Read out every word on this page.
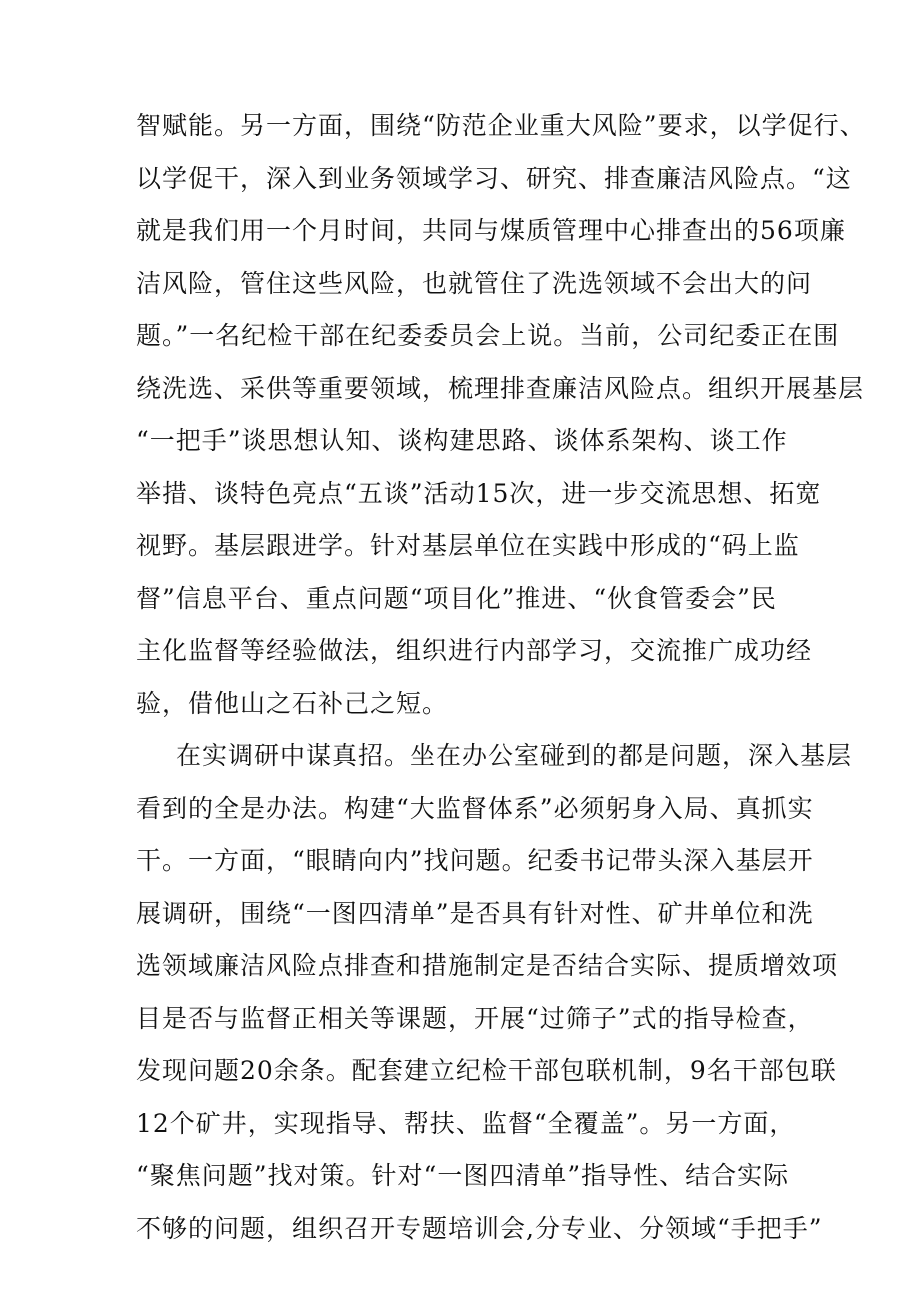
智赋能。另一方面，围绕“防范企业重大风险”要求，以学促行、
以学促干，深入到业务领域学习、研究、排查廉洁风险点。“这
就是我们用一个月时间，共同与煤质管理中心排查出的56项廉
洁风险，管住这些风险，也就管住了洗选领域不会出大的问
题。”一名纪检干部在纪委委员会上说。当前，公司纪委正在围
绕洗选、采供等重要领域，梳理排查廉洁风险点。组织开展基层
“一把手”谈思想认知、谈构建思路、谈体系架构、谈工作
举措、谈特色亮点“五谈”活动15次，进一步交流思想、拓宽
视野。基层跟进学。针对基层单位在实践中形成的“码上监
督”信息平台、重点问题“项目化”推进、“伙食管委会”民
主化监督等经验做法，组织进行内部学习，交流推广成功经
验，借他山之石补己之短。
在实调研中谋真招。坐在办公室碰到的都是问题，深入基层
看到的全是办法。构建“大监督体系”必须躬身入局、真抓实
干。一方面，“眼睛向内”找问题。纪委书记带头深入基层开
展调研，围绕“一图四清单”是否具有针对性、矿井单位和洗
选领域廉洁风险点排查和措施制定是否结合实际、提质增效项
目是否与监督正相关等课题，开展“过筛子”式的指导检查，
发现问题20余条。配套建立纪检干部包联机制，9名干部包联
12个矿井，实现指导、帮扶、监督“全覆盖”。另一方面，
“聚焦问题”找对策。针对“一图四清单”指导性、结合实际
不够的问题，组织召开专题培训会,分专业、分领域“手把手”
